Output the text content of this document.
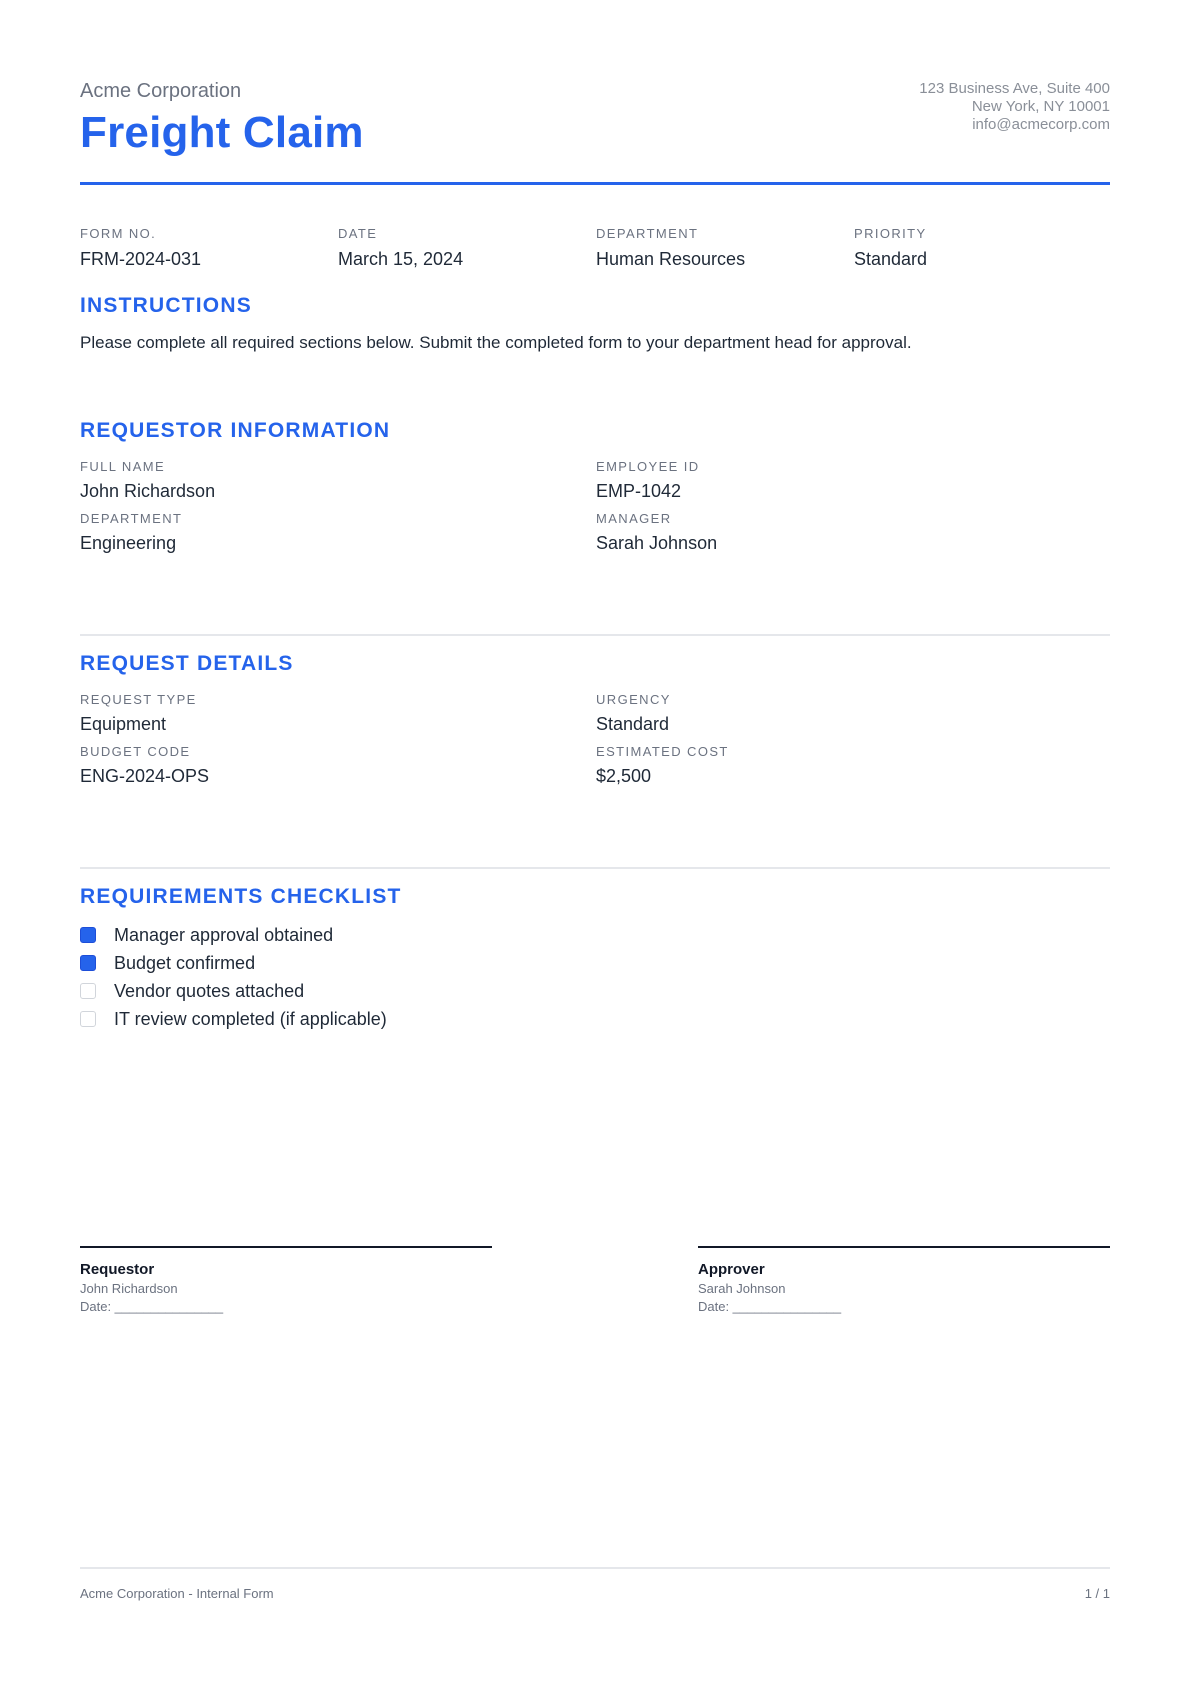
Acme Corporation
Freight Claim
123 Business Ave, Suite 400
New York, NY 10001
info@acmecorp.com
FORM NO.
FRM-2024-031
DATE
March 15, 2024
DEPARTMENT
Human Resources
PRIORITY
Standard
INSTRUCTIONS
Please complete all required sections below. Submit the completed form to your department head for approval.
REQUESTOR INFORMATION
FULL NAME
John Richardson
EMPLOYEE ID
EMP-1042
DEPARTMENT
Engineering
MANAGER
Sarah Johnson
REQUEST DETAILS
REQUEST TYPE
Equipment
URGENCY
Standard
BUDGET CODE
ENG-2024-OPS
ESTIMATED COST
$2,500
REQUIREMENTS CHECKLIST
Manager approval obtained
Budget confirmed
Vendor quotes attached
IT review completed (if applicable)
Requestor
John Richardson
Date: _______________
Approver
Sarah Johnson
Date: _______________
Acme Corporation - Internal Form	1 / 1
